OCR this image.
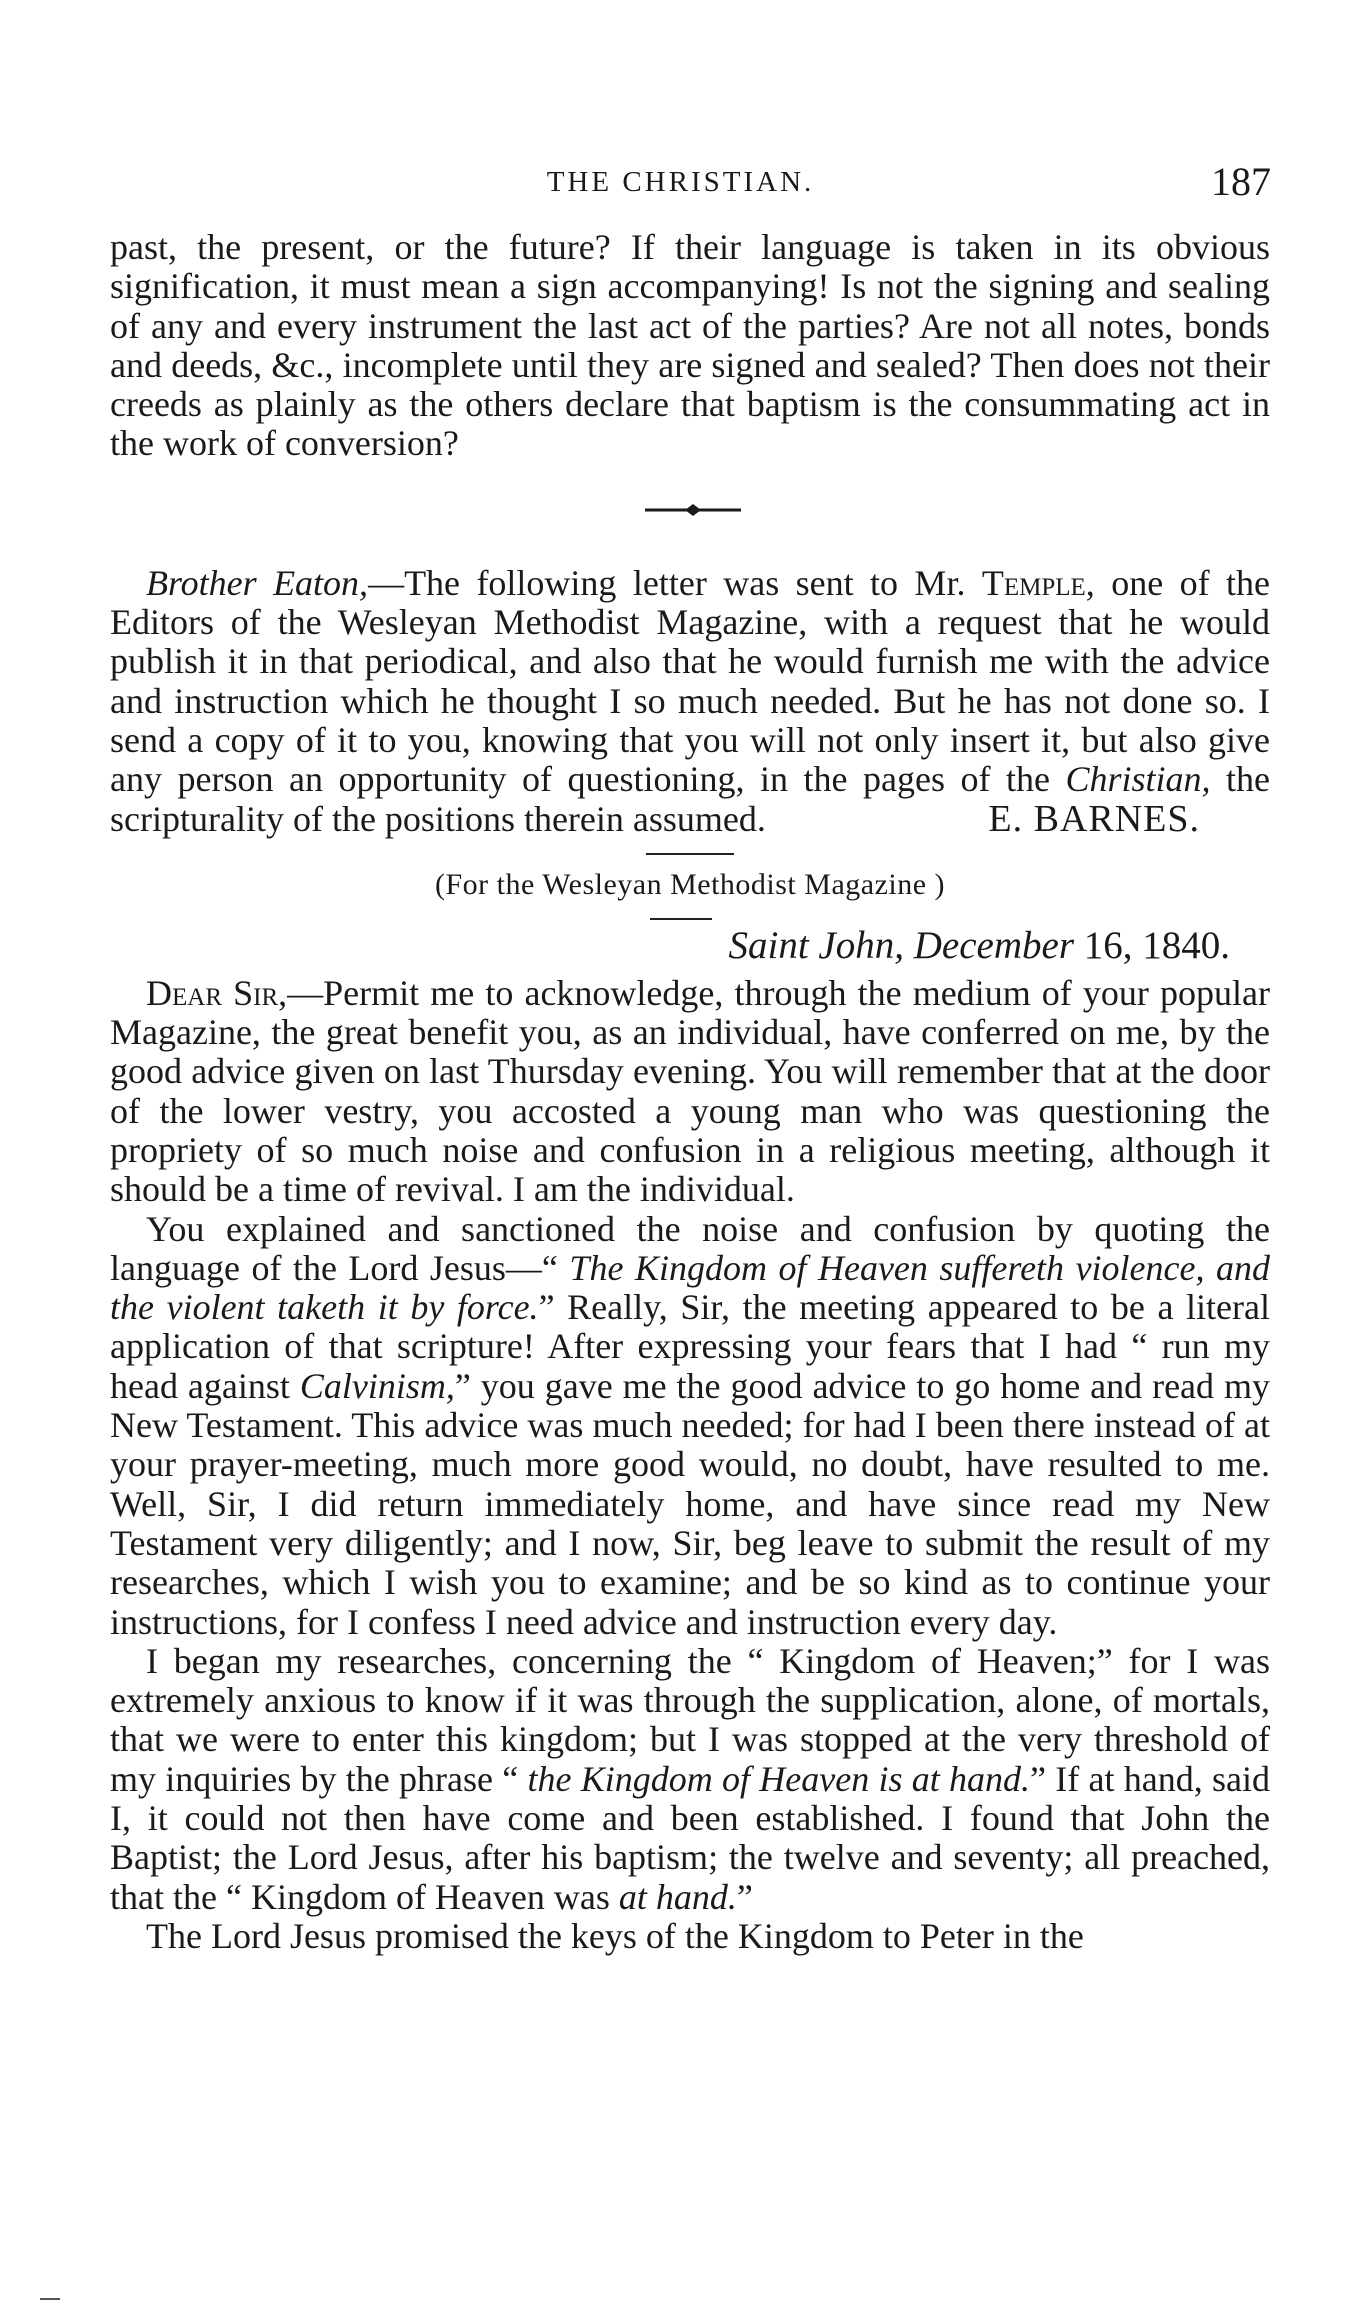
THE CHRISTIAN.	187

past, the present, or the future? If their language is taken in its obvious signification, it must mean a sign accompanying! Is not the signing and sealing of any and every instrument the last act of the parties? Are not all notes, bonds and deeds, &c., incomplete until they are signed and sealed? Then does not their creeds as plainly as the others declare that baptism is the consummating act in the work of conversion?

Brother Eaton,—The following letter was sent to Mr. Temple, one of the Editors of the Wesleyan Methodist Magazine, with a request that he would publish it in that periodical, and also that he would furnish me with the advice and instruction which he thought I so much needed. But he has not done so. I send a copy of it to you, knowing that you will not only insert it, but also give any person an opportunity of questioning, in the pages of the Christian, the scripturality of the positions therein assumed.	E. BARNES.
(For the Wesleyan Methodist Magazine )
Saint John, December 16, 1840.

Dear Sir,—Permit me to acknowledge, through the medium of your popular Magazine, the great benefit you, as an individual, have conferred on me, by the good advice given on last Thursday evening. You will remember that at the door of the lower vestry, you accosted a young man who was questioning the propriety of so much noise and confusion in a religious meeting, although it should be a time of revival. I am the individual.

You explained and sanctioned the noise and confusion by quoting the language of the Lord Jesus—“ The Kingdom of Heaven suffereth violence, and the violent taketh it by force.” Really, Sir, the meeting appeared to be a literal application of that scripture! After expressing your fears that I had “ run my head against Calvinism,” you gave me the good advice to go home and read my New Testament. This advice was much needed; for had I been there instead of at your prayer-meeting, much more good would, no doubt, have resulted to me. Well, Sir, I did return immediately home, and have since read my New Testament very diligently; and I now, Sir, beg leave to submit the result of my researches, which I wish you to examine; and be so kind as to continue your instructions, for I confess I need advice and instruction every day.

I began my researches, concerning the “ Kingdom of Heaven;” for I was extremely anxious to know if it was through the supplication, alone, of mortals, that we were to enter this kingdom; but I was stopped at the very threshold of my inquiries by the phrase “ the Kingdom of Heaven is at hand.” If at hand, said I, it could not then have come and been established. I found that John the Baptist; the Lord Jesus, after his baptism; the twelve and seventy; all preached, that the “ Kingdom of Heaven was at hand.”

The Lord Jesus promised the keys of the Kingdom to Peter in the
